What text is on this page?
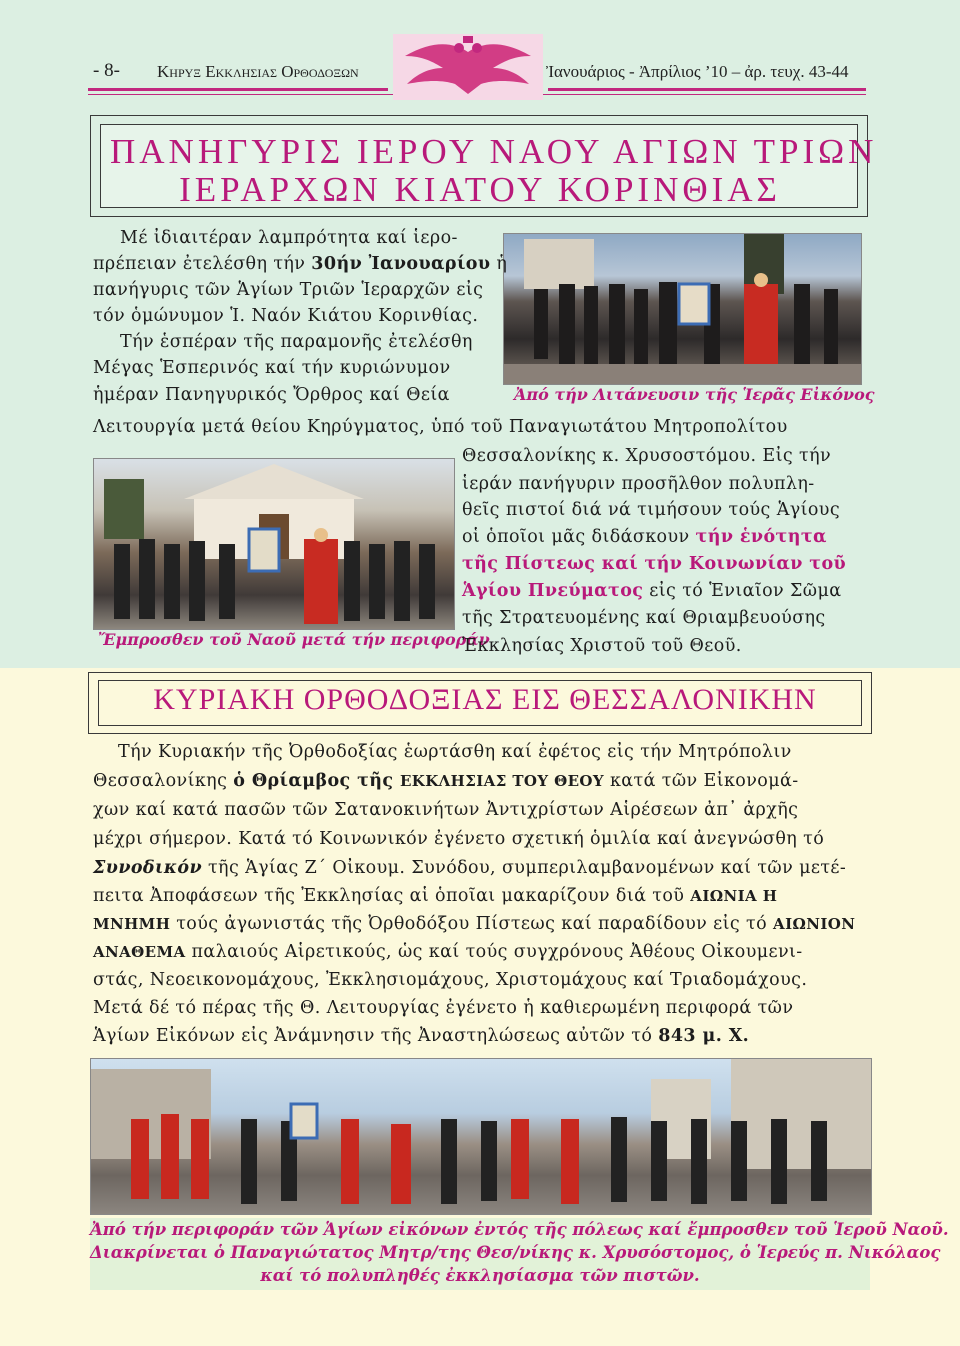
- 8- Κηρυξ Εκκλησιας Ορθοδοξων	Ἰανουάριος - Ἀπρίλιος ’10 – ἀρ. τευχ. 43-44
ΠΑΝΗΓΥΡΙΣ ΙΕΡΟΥ ΝΑΟΥ ΑΓΙΩΝ ΤΡΙΩΝ
ΙΕΡΑΡΧΩΝ ΚΙΑΤΟΥ ΚΟΡΙΝΘΙΑΣ
Ἀπό τήν Λιτάνευσιν τῆς Ἱερᾶς Εἰκόνος
Ἔμπροσθεν τοῦ Ναοῦ μετά τήν περιφοράν
Μέ ἰδιαιτέραν λαμπρότητα καί ἱερο-
πρέπειαν ἐτελέσθη τήν 30ήν Ἰανουαρίου ἡ
πανήγυρις τῶν Ἁγίων Τριῶν Ἱεραρχῶν εἰς
τόν ὁμώνυμον Ἱ. Ναόν Κιάτου Κορινθίας.
Τήν ἑσπέραν τῆς παραμονῆς ἐτελέσθη
Μέγας Ἑσπερινός καί τήν κυριώνυμον
ἡμέραν Πανηγυρικός Ὄρθρος καί Θεία
Λειτουργία μετά θείου Κηρύγματος, ὑπό τοῦ Παναγιωτάτου Μητροπολίτου
Θεσσαλονίκης κ. Χρυσοστόμου. Εἰς τήν
ἱεράν πανήγυριν προσῆλθον πολυπλη-
θεῖς πιστοί διά νά τιμήσουν τούς Ἁγίους
οἱ ὁποῖοι μᾶς διδάσκουν τήν ἑνότητα
τῆς Πίστεως καί τήν Κοινωνίαν τοῦ
Ἁγίου Πνεύματος εἰς τό Ἑνιαῖον Σῶμα
τῆς Στρατευομένης καί Θριαμβευούσης
Ἐκκλησίας Χριστοῦ τοῦ Θεοῦ.
ΚΥΡΙΑΚΗ ΟΡΘΟΔΟΞΙΑΣ ΕΙΣ ΘΕΣΣΑΛΟΝΙΚΗΝ
Τήν Κυριακήν τῆς Ὀρθοδοξίας ἑωρτάσθη καί ἐφέτος εἰς τήν Μητρόπολιν
Θεσσαλονίκης ὁ Θρίαμβος τῆς ΕΚΚΛΗΣΙΑΣ ΤΟΥ ΘΕΟΥ κατά τῶν Εἰκονομά-
χων καί κατά πασῶν τῶν Σατανοκινήτων Ἀντιχρίστων Αἱρέσεων ἀπ᾽ ἀρχῆς
μέχρι σήμερον. Κατά τό Κοινωνικόν ἐγένετο σχετική ὁμιλία καί ἀνεγνώσθη τό
Συνοδικόν τῆς Ἁγίας Ζ´ Οἰκουμ. Συνόδου, συμπεριλαμβανομένων καί τῶν μετέ-
πειτα Ἀποφάσεων τῆς Ἐκκλησίας αἱ ὁποῖαι μακαρίζουν διά τοῦ ΑΙΩΝΙΑ Η
ΜΝΗΜΗ τούς ἀγωνιστάς τῆς Ὀρθοδόξου Πίστεως καί παραδίδουν εἰς τό ΑΙΩΝΙΟΝ
ΑΝΑΘΕΜΑ παλαιούς Αἱρετικούς, ὡς καί τούς συγχρόνους Ἀθέους Οἰκουμενι-
στάς, Νεοεικονομάχους, Ἐκκλησιομάχους, Χριστομάχους καί Τριαδομάχους.
Μετά δέ τό πέρας τῆς Θ. Λειτουργίας ἐγένετο ἡ καθιερωμένη περιφορά τῶν
Ἁγίων Εἰκόνων εἰς Ἀνάμνησιν τῆς Ἀναστηλώσεως αὐτῶν τό 843 μ. Χ.
Ἀπό τήν περιφοράν τῶν Ἁγίων εἰκόνων ἐντός τῆς πόλεως καί ἔμπροσθεν τοῦ Ἱεροῦ Ναοῦ.
Διακρίνεται ὁ Παναγιώτατος Μητρ/της Θεσ/νίκης κ. Χρυσόστομος, ὁ Ἱερεύς π. Νικόλαος
καί τό πολυπληθές ἐκκλησίασμα τῶν πιστῶν.
